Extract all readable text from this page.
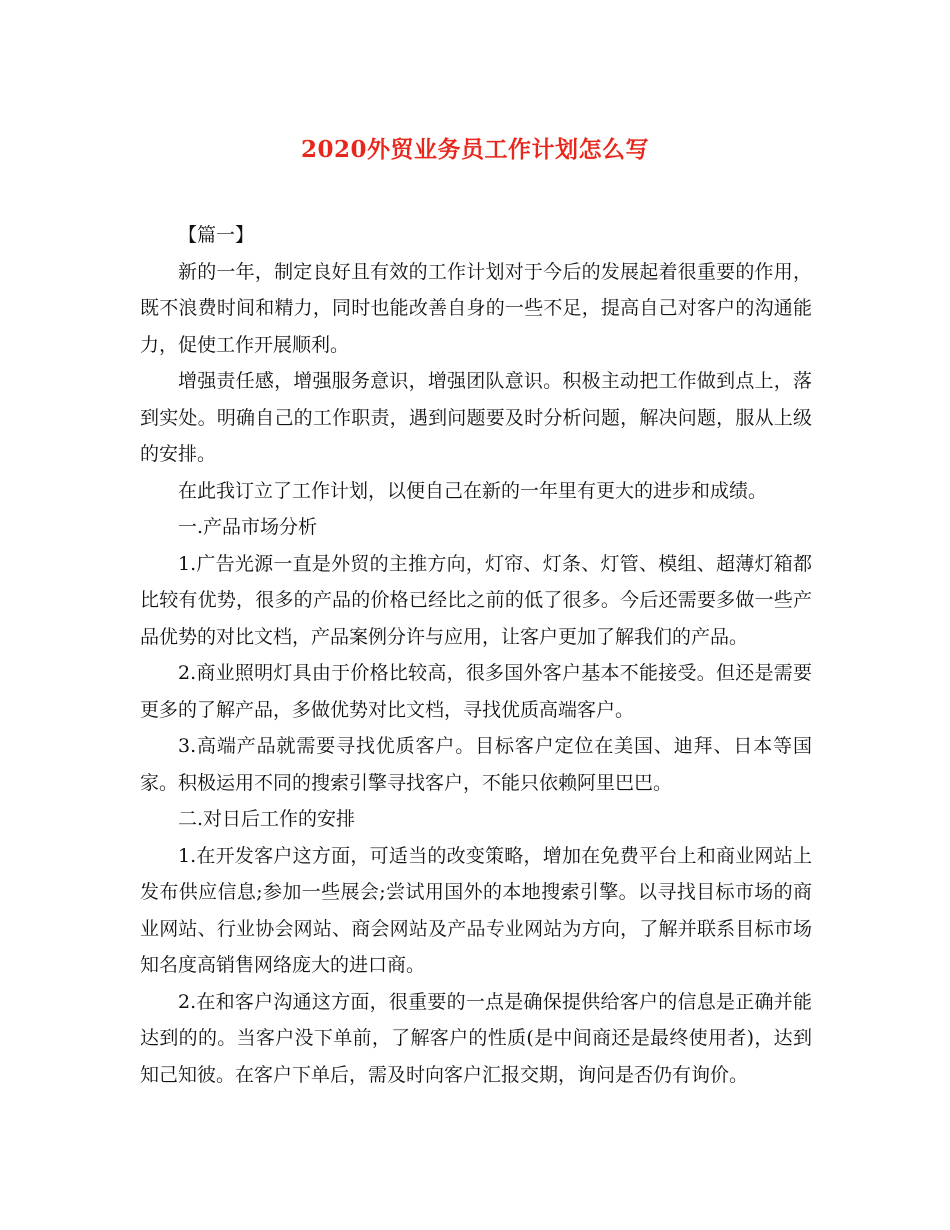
2020外贸业务员工作计划怎么写

【篇一】

新的一年，制定良好且有效的工作计划对于今后的发展起着很重要的作用，既不浪费时间和精力，同时也能改善自身的一些不足，提高自己对客户的沟通能力，促使工作开展顺利。

增强责任感，增强服务意识，增强团队意识。积极主动把工作做到点上，落到实处。明确自己的工作职责，遇到问题要及时分析问题，解决问题，服从上级的安排。

在此我订立了工作计划，以便自己在新的一年里有更大的进步和成绩。

一.产品市场分析

1.广告光源一直是外贸的主推方向，灯帘、灯条、灯管、模组、超薄灯箱都比较有优势，很多的产品的价格已经比之前的低了很多。今后还需要多做一些产品优势的对比文档，产品案例分许与应用，让客户更加了解我们的产品。

2.商业照明灯具由于价格比较高，很多国外客户基本不能接受。但还是需要更多的了解产品，多做优势对比文档，寻找优质高端客户。

3.高端产品就需要寻找优质客户。目标客户定位在美国、迪拜、日本等国家。积极运用不同的搜索引擎寻找客户，不能只依赖阿里巴巴。

二.对日后工作的安排

1.在开发客户这方面，可适当的改变策略，增加在免费平台上和商业网站上发布供应信息;参加一些展会;尝试用国外的本地搜索引擎。以寻找目标市场的商业网站、行业协会网站、商会网站及产品专业网站为方向，了解并联系目标市场知名度高销售网络庞大的进口商。

2.在和客户沟通这方面，很重要的一点是确保提供给客户的信息是正确并能达到的的。当客户没下单前，了解客户的性质(是中间商还是最终使用者)，达到知己知彼。在客户下单后，需及时向客户汇报交期，询问是否仍有询价。
